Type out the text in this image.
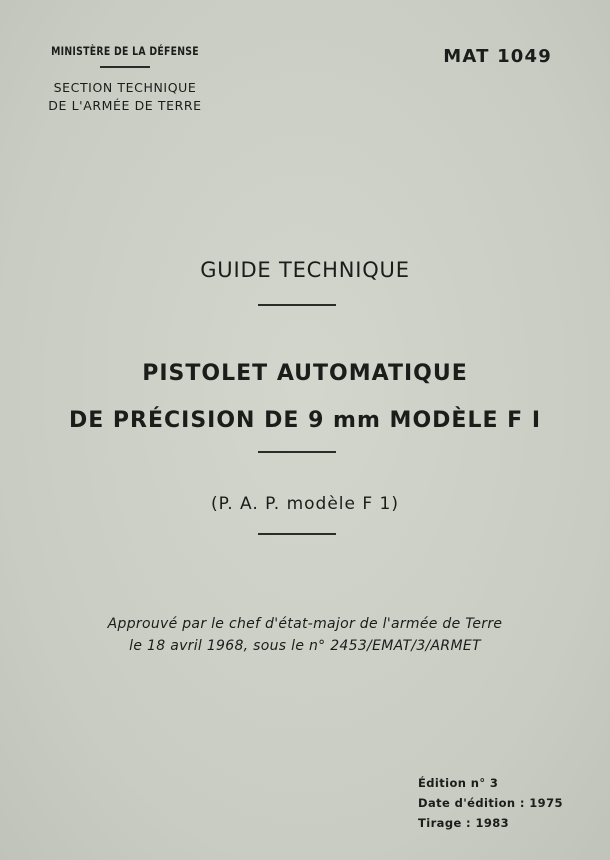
MINISTÈRE DE LA DÉFENSE
SECTION TECHNIQUE
DE L'ARMÉE DE TERRE
MAT 1049
GUIDE TECHNIQUE
PISTOLET AUTOMATIQUE
DE PRÉCISION DE 9 mm MODÈLE F I
(P. A. P. modèle F 1)
Approuvé par le chef d'état-major de l'armée de Terre
le 18 avril 1968, sous le n° 2453/EMAT/3/ARMET
Édition n° 3
Date d'édition : 1975
Tirage : 1983
